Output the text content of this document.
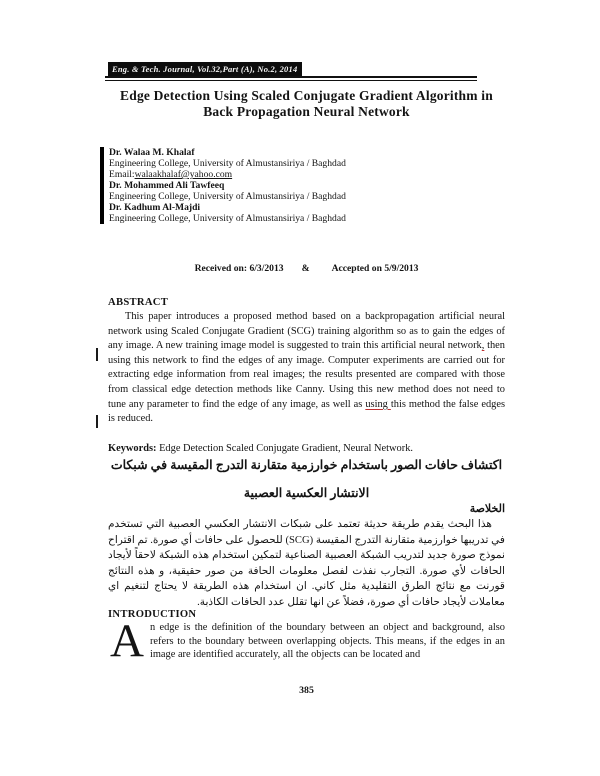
Eng. & Tech. Journal, Vol.32,Part (A), No.2, 2014
Edge Detection Using Scaled Conjugate Gradient Algorithm in
Back Propagation Neural Network
Dr. Walaa M. Khalaf
Engineering College, University of Almustansiriya / Baghdad
Email:walaakhalaf@yahoo.com
Dr. Mohammed Ali Tawfeeq
Engineering College, University of Almustansiriya / Baghdad
Dr. Kadhum Al-Majdi
Engineering College, University of Almustansiriya / Baghdad
Received on: 6/3/2013 & Accepted on 5/9/2013
ABSTRACT
This paper introduces a proposed method based on a backpropagation artificial neural network using Scaled Conjugate Gradient (SCG) training algorithm so as to gain the edges of any image. A new training image model is suggested to train this artificial neural network, then using this network to find the edges of any image. Computer experiments are carried out for extracting edge information from real images; the results presented are compared with those from classical edge detection methods like Canny. Using this new method does not need to tune any parameter to find the edge of any image, as well as using this method the false edges is reduced.
Keywords: Edge Detection Scaled Conjugate Gradient, Neural Network.
اكتشاف حافات الصور باستخدام خوارزمية متقارنة التدرج المقيسة في شبكات
الانتشار العكسية العصبية
الخلاصة
هذا البحث يقدم طريقة حديثة تعتمد على شبكات الانتشار العكسي العصبية التي تستخدم في تدريبها خوارزمية متقارنة التدرج المقيسة (SCG) للحصول على حافات أي صورة. تم اقتراح نموذج صورة جديد لتدريب الشبكة العصبية الصناعية لتمكين استخدام هذه الشبكة لاحقاً لأيجاد الحافات لأي صورة. التجارب نفذت لفصل معلومات الحافة من صور حقيقية، و هذه النتائج قورنت مع نتائج الطرق التقليدية مثل كاني. ان استخدام هذه الطريقة لا يحتاج لتنغيم اي معاملات لأيجاد حافات أي صورة، فضلاً عن انها تقلل عدد الحافات الكاذبة.
INTRODUCTION
An edge is the definition of the boundary between an object and background, also refers to the boundary between overlapping objects. This means, if the edges in an image are identified accurately, all the objects can be located and
385
